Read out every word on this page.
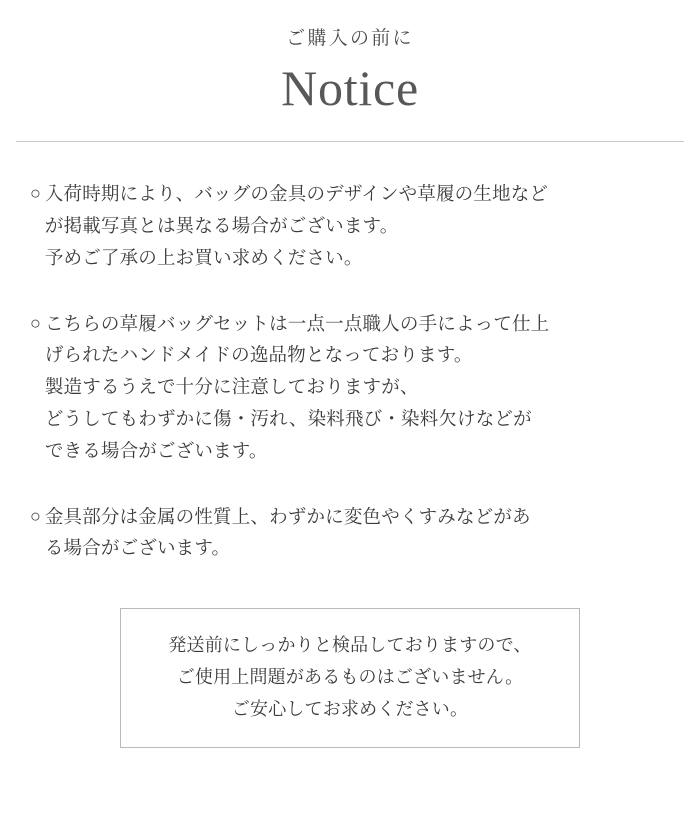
ご購入の前に

Notice
○ 入荷時期により、バッグの金具のデザインや草履の生地など

が掲載写真とは異なる場合がございます。

予めご了承の上お買い求めください。

○ こちらの草履バッグセットは一点一点職人の手によって仕上

げられたハンドメイドの逸品物となっております。

製造するうえで十分に注意しておりますが、

どうしてもわずかに傷・汚れ、染料飛び・染料欠けなどが

できる場合がございます。

○ 金具部分は金属の性質上、わずかに変色やくすみなどがあ

る場合がございます。

発送前にしっかりと検品しておりますので、

ご使用上問題があるものはございません。

ご安心してお求めください。
